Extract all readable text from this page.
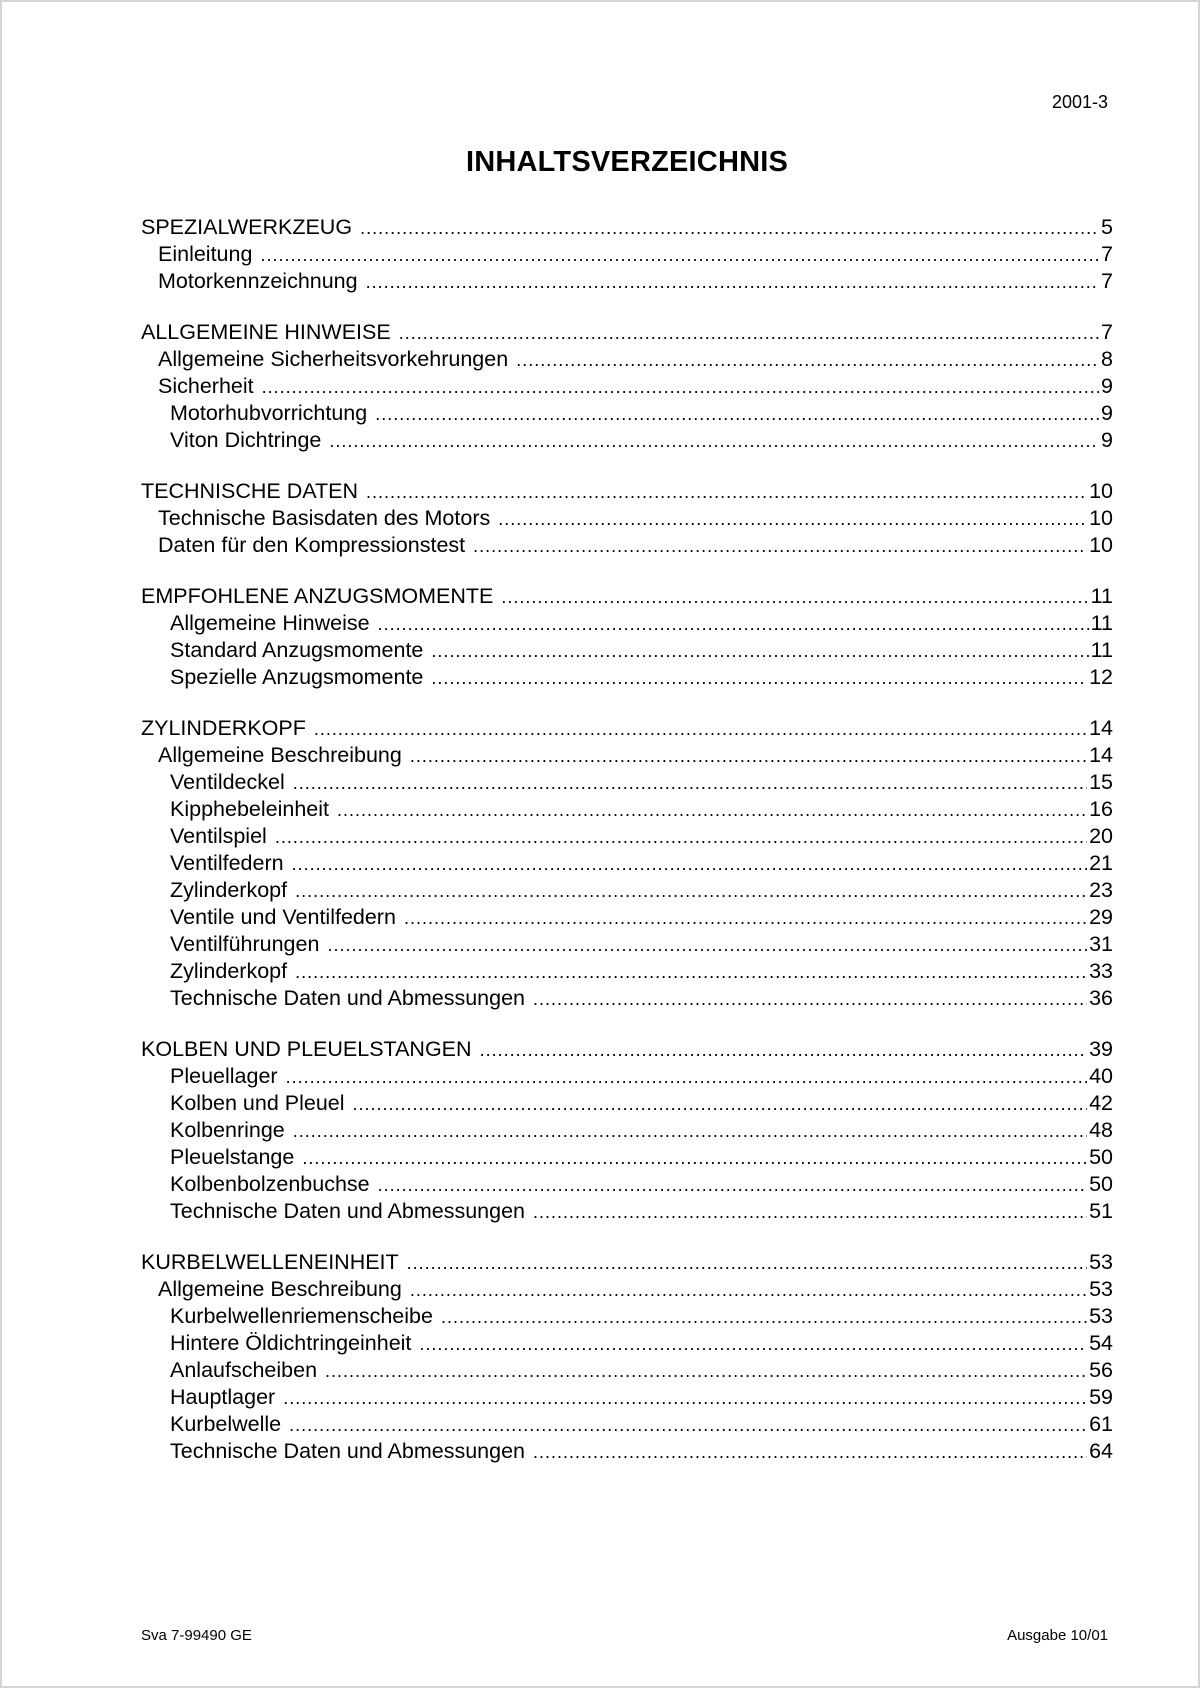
2001-3
INHALTSVERZEICHNIS
SPEZIALWERKZEUG .....	5
Einleitung .....	7
Motorkennzeichnung .....	7
ALLGEMEINE HINWEISE .....	7
Allgemeine Sicherheitsvorkehrungen .....	8
Sicherheit .....	9
Motorhubvorrichtung .....	9
Viton Dichtringe .....	9
TECHNISCHE DATEN .....	10
Technische Basisdaten des Motors .....	10
Daten für den Kompressionstest .....	10
EMPFOHLENE ANZUGSMOMENTE .....	11
Allgemeine Hinweise .....	11
Standard Anzugsmomente .....	11
Spezielle Anzugsmomente .....	12
ZYLINDERKOPF .....	14
Allgemeine Beschreibung .....	14
Ventildeckel .....	15
Kipphebeleinheit .....	16
Ventilspiel .....	20
Ventilfedern .....	21
Zylinderkopf .....	23
Ventile und Ventilfedern .....	29
Ventilführungen .....	31
Zylinderkopf .....	33
Technische Daten und Abmessungen .....	36
KOLBEN UND PLEUELSTANGEN .....	39
Pleuellager .....	40
Kolben und Pleuel .....	42
Kolbenringe .....	48
Pleuelstange .....	50
Kolbenbolzenbuchse .....	50
Technische Daten und Abmessungen .....	51
KURBELWELLENEINHEIT .....	53
Allgemeine Beschreibung .....	53
Kurbelwellenriemenscheibe .....	53
Hintere Öldichtringeinheit .....	54
Anlaufscheiben .....	56
Hauptlager .....	59
Kurbelwelle .....	61
Technische Daten und Abmessungen .....	64
Sva 7-99490 GE	Ausgabe 10/01
